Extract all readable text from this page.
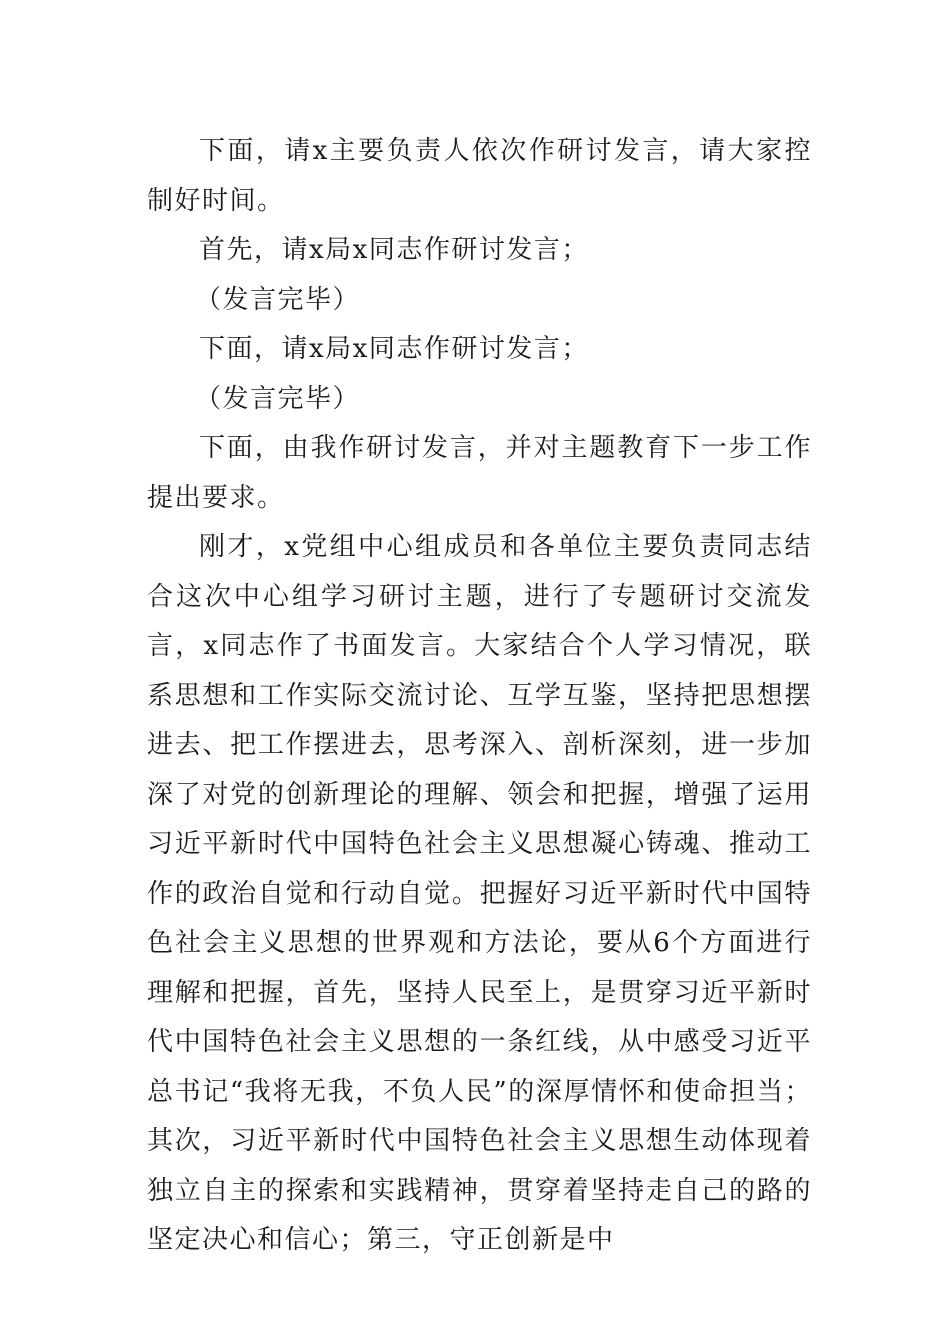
下面，请x主要负责人依次作研讨发言，请大家控制好时间。

首先，请x局x同志作研讨发言；

（发言完毕）

下面，请x局x同志作研讨发言；

（发言完毕）

下面，由我作研讨发言，并对主题教育下一步工作提出要求。

刚才，x党组中心组成员和各单位主要负责同志结合这次中心组学习研讨主题，进行了专题研讨交流发言，x同志作了书面发言。大家结合个人学习情况，联系思想和工作实际交流讨论、互学互鉴，坚持把思想摆进去、把工作摆进去，思考深入、剖析深刻，进一步加深了对党的创新理论的理解、领会和把握，增强了运用习近平新时代中国特色社会主义思想凝心铸魂、推动工作的政治自觉和行动自觉。把握好习近平新时代中国特色社会主义思想的世界观和方法论，要从6个方面进行理解和把握，首先，坚持人民至上，是贯穿习近平新时代中国特色社会主义思想的一条红线，从中感受习近平总书记“我将无我，不负人民”的深厚情怀和使命担当；其次，习近平新时代中国特色社会主义思想生动体现着独立自主的探索和实践精神，贯穿着坚持走自己的路的坚定决心和信心；第三，守正创新是中
